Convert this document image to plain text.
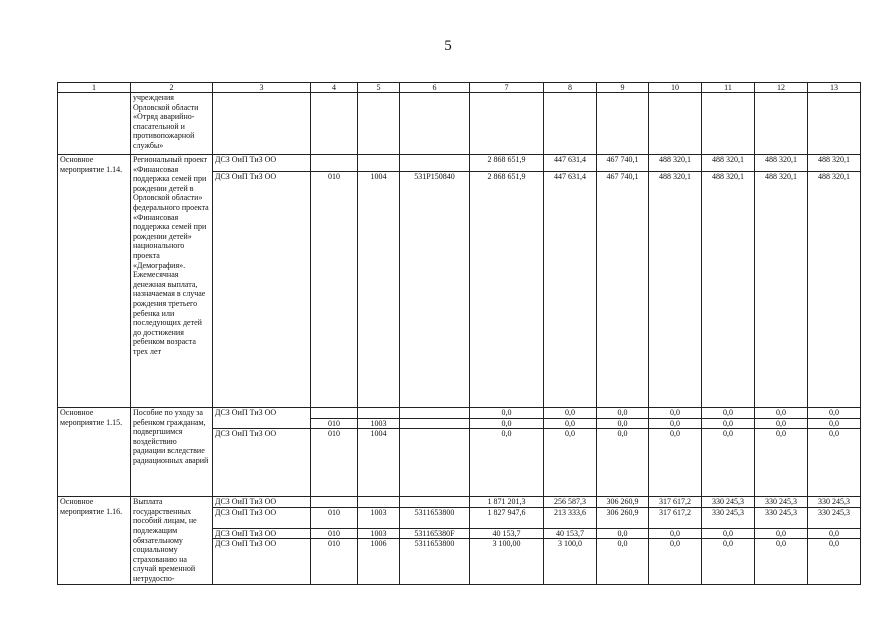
5
1	2	3	4	5	6	7	8	9	10	11	12	13
	учреждения Орловской области «Отряд аварийно-спасательной и противопожарной службы»											
Основное мероприятие 1.14.	Региональный проект «Финансовая поддержка семей при рождении детей в Орловской области» федерального проекта «Финансовая поддержка семей при рождении детей» национального проекта «Демография». Ежемесячная денежная выплата, назначаемая в случае рождения третьего ребенка или последующих детей до достижения ребенком возраста трех лет	ДСЗ ОиП ТиЗ ОО				2 868 651,9	447 631,4	467 740,1	488 320,1	488 320,1	488 320,1	488 320,1
		ДСЗ ОиП ТиЗ ОО	010	1004	531P150840	2 868 651,9	447 631,4	467 740,1	488 320,1	488 320,1	488 320,1	488 320,1
Основное мероприятие 1.15.	Пособие по уходу за ребенком гражданам, подвергшимся воздействию радиации вследствие радиационных аварий	ДСЗ ОиП ТиЗ ОО				0,0	0,0	0,0	0,0	0,0	0,0	0,0
			010	1003		0,0	0,0	0,0	0,0	0,0	0,0	0,0
		ДСЗ ОиП ТиЗ ОО	010	1004		0,0	0,0	0,0	0,0	0,0	0,0	0,0
Основное мероприятие 1.16.	Выплата государственных пособий лицам, не подлежащим обязательному социальному страхованию на случай временной нетрудоспо-	ДСЗ ОиП ТиЗ ОО				1 871 201,3	256 587,3	306 260,9	317 617,2	330 245,3	330 245,3	330 245,3
		ДСЗ ОиП ТиЗ ОО	010	1003	5311653800	1 827 947,6	213 333,6	306 260,9	317 617,2	330 245,3	330 245,3	330 245,3
		ДСЗ ОиП ТиЗ ОО	010	1003	531165380F	40 153,7	40 153,7	0,0	0,0	0,0	0,0	0,0
		ДСЗ ОиП ТиЗ ОО	010	1006	5311653800	3 100,00	3 100,0	0,0	0,0	0,0	0,0	0,0
